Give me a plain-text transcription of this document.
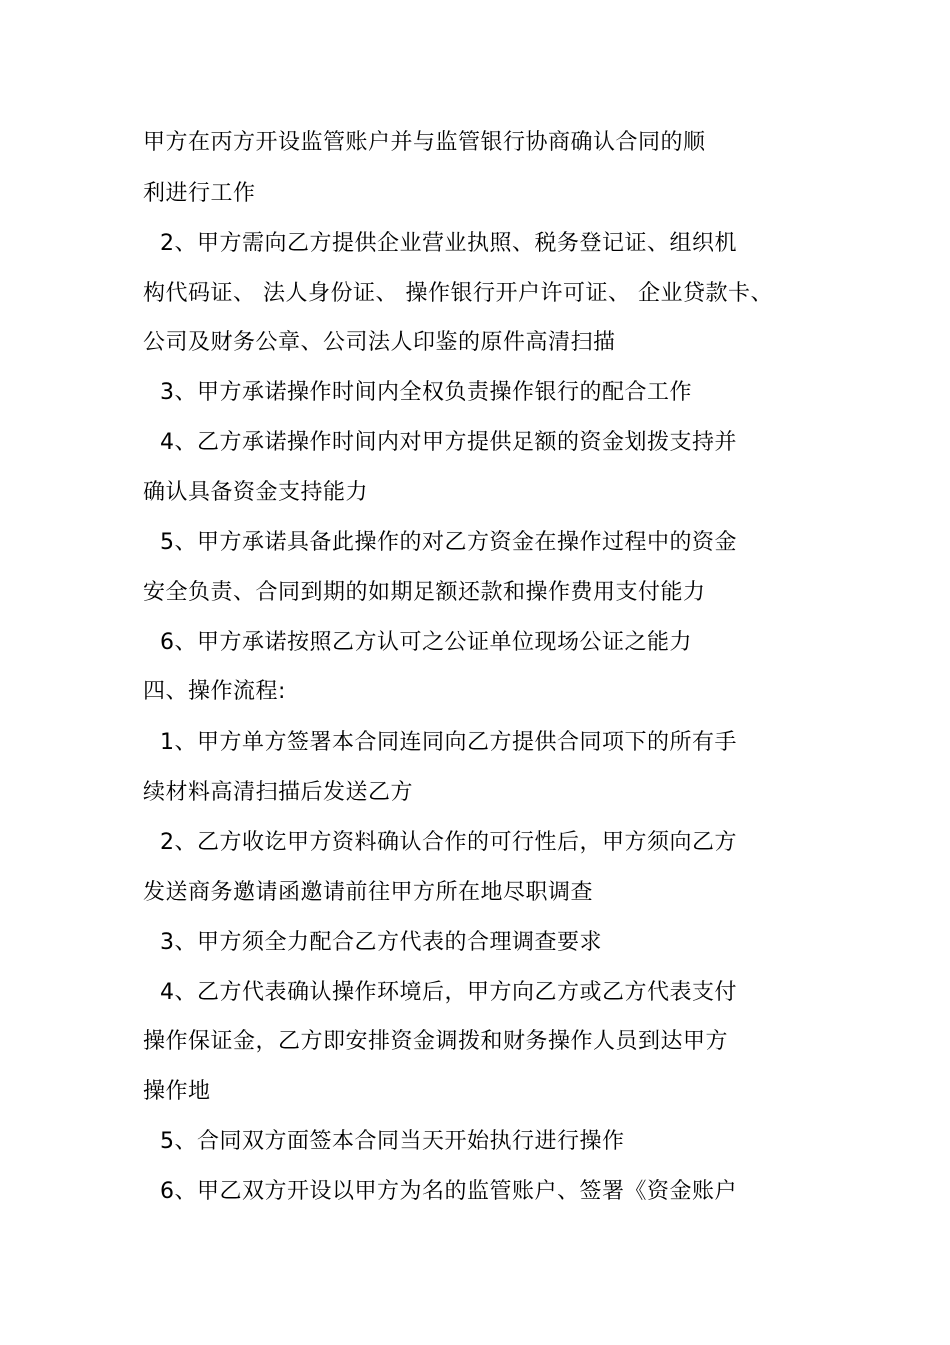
甲方在丙方开设监管账户并与监管银行协商确认合同的顺
利进行工作
2、甲方需向乙方提供企业营业执照、税务登记证、组织机
构代码证、 法人身份证、 操作银行开户许可证、 企业贷款卡、
公司及财务公章、公司法人印鉴的原件高清扫描
3、甲方承诺操作时间内全权负责操作银行的配合工作
4、乙方承诺操作时间内对甲方提供足额的资金划拨支持并
确认具备资金支持能力
5、甲方承诺具备此操作的对乙方资金在操作过程中的资金
安全负责、合同到期的如期足额还款和操作费用支付能力
6、甲方承诺按照乙方认可之公证单位现场公证之能力
四、操作流程:
1、甲方单方签署本合同连同向乙方提供合同项下的所有手
续材料高清扫描后发送乙方
2、乙方收讫甲方资料确认合作的可行性后，甲方须向乙方
发送商务邀请函邀请前往甲方所在地尽职调查
3、甲方须全力配合乙方代表的合理调查要求
4、乙方代表确认操作环境后，甲方向乙方或乙方代表支付
操作保证金，乙方即安排资金调拨和财务操作人员到达甲方
操作地
5、合同双方面签本合同当天开始执行进行操作
6、甲乙双方开设以甲方为名的监管账户、签署《资金账户
